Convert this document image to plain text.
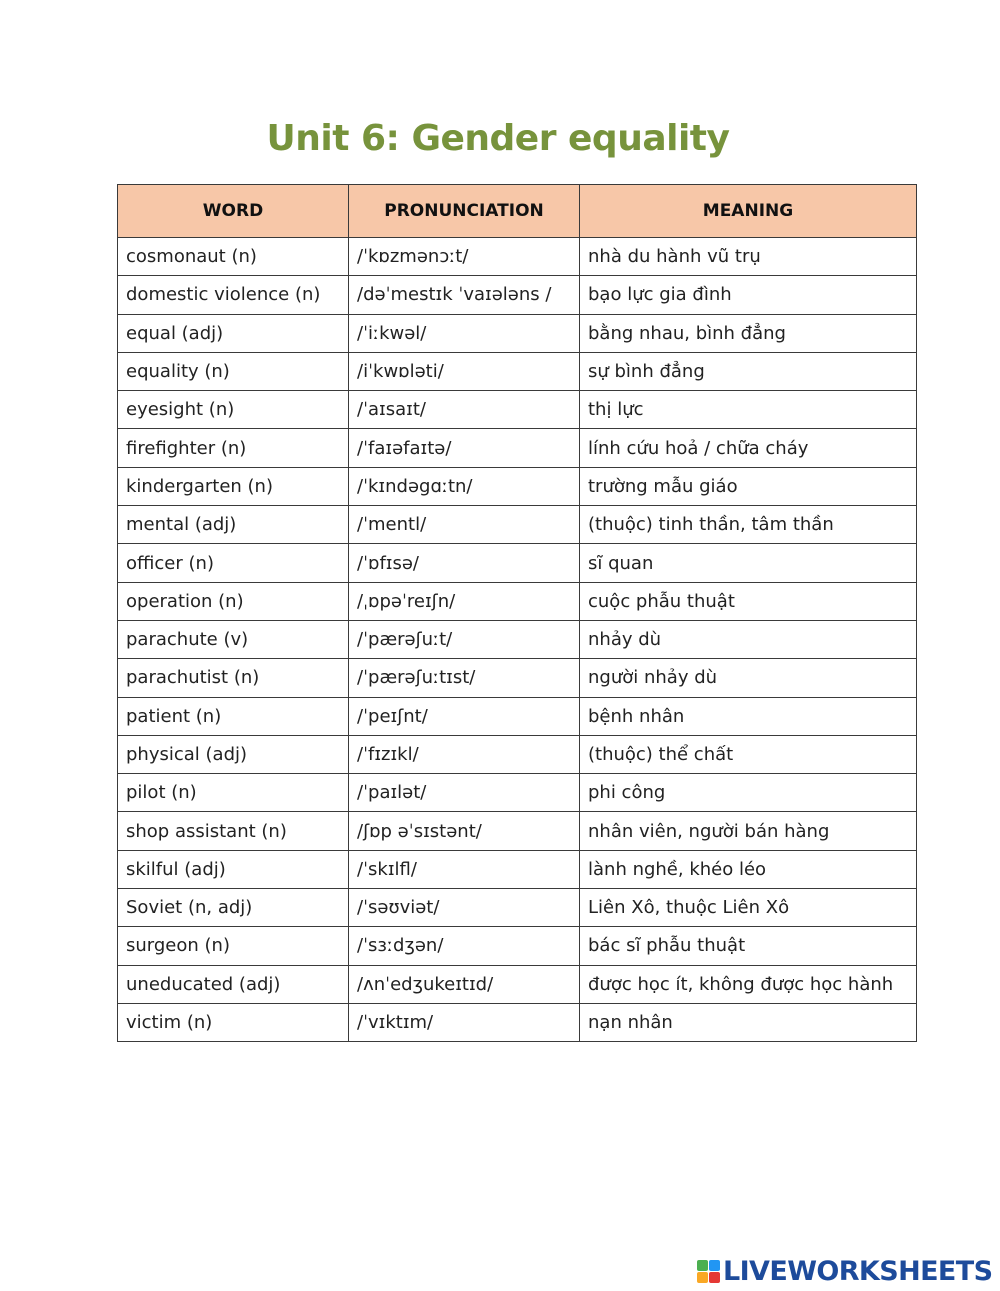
Unit 6: Gender equality
WORD	PRONUNCIATION	MEANING
cosmonaut (n)	/ˈkɒzmənɔːt/	nhà du hành vũ trụ
domestic violence (n)	/dəˈmestɪk ˈvaɪələns /	bạo lực gia đình
equal (adj)	/ˈiːkwəl/	bằng nhau, bình đẳng
equality (n)	/iˈkwɒləti/	sự bình đẳng
eyesight (n)	/ˈaɪsaɪt/	thị lực
firefighter (n)	/ˈfaɪəfaɪtə/	lính cứu hoả / chữa cháy
kindergarten (n)	/ˈkɪndəgɑːtn/	trường mẫu giáo
mental (adj)	/ˈmentl/	(thuộc) tinh thần, tâm thần
officer (n)	/ˈɒfɪsə/	sĩ quan
operation (n)	/ˌɒpəˈreɪʃn/	cuộc phẫu thuật
parachute (v)	/ˈpærəʃuːt/	nhảy dù
parachutist (n)	/ˈpærəʃuːtɪst/	người nhảy dù
patient (n)	/ˈpeɪʃnt/	bệnh nhân
physical (adj)	/ˈfɪzɪkl/	(thuộc) thể chất
pilot (n)	/ˈpaɪlət/	phi công
shop assistant (n)	/ʃɒp əˈsɪstənt/	nhân viên, người bán hàng
skilful (adj)	/ˈskɪlfl/	lành nghề, khéo léo
Soviet (n, adj)	/ˈsəʊviət/	Liên Xô, thuộc Liên Xô
surgeon (n)	/ˈsɜːdʒən/	bác sĩ phẫu thuật
uneducated (adj)	/ʌnˈedʒukeɪtɪd/	được học ít, không được học hành
victim (n)	/ˈvɪktɪm/	nạn nhân
LIVEWORKSHEETS
